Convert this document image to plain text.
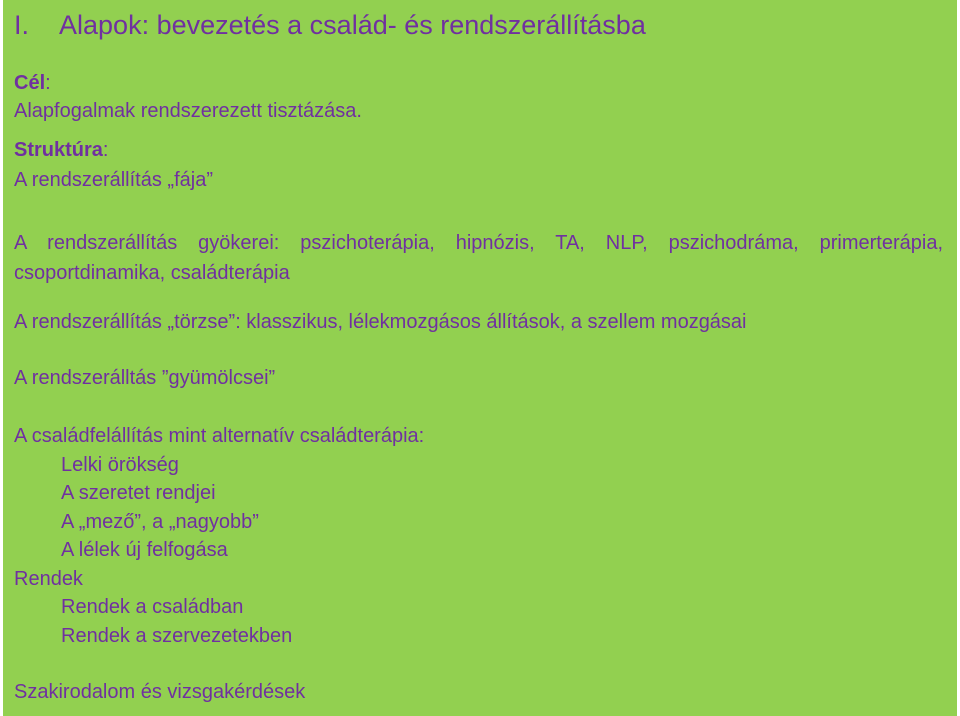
I. Alapok: bevezetés a család- és rendszerállításba
Cél:
Alapfogalmak rendszerezett tisztázása.
Struktúra:
A rendszerállítás „fája”
A rendszerállítás gyökerei: pszichoterápia, hipnózis, TA, NLP, pszichodráma, primerterápia, csoportdinamika, családterápia
A rendszerállítás „törzse”: klasszikus, lélekmozgásos állítások, a szellem mozgásai
A rendszerálltás ”gyümölcsei”
A családfelállítás mint alternatív családterápia:
Lelki örökség
A szeretet rendjei
A „mező”, a „nagyobb”
A lélek új felfogása
Rendek
Rendek a családban
Rendek a szervezetekben
Szakirodalom és vizsgakérdések
